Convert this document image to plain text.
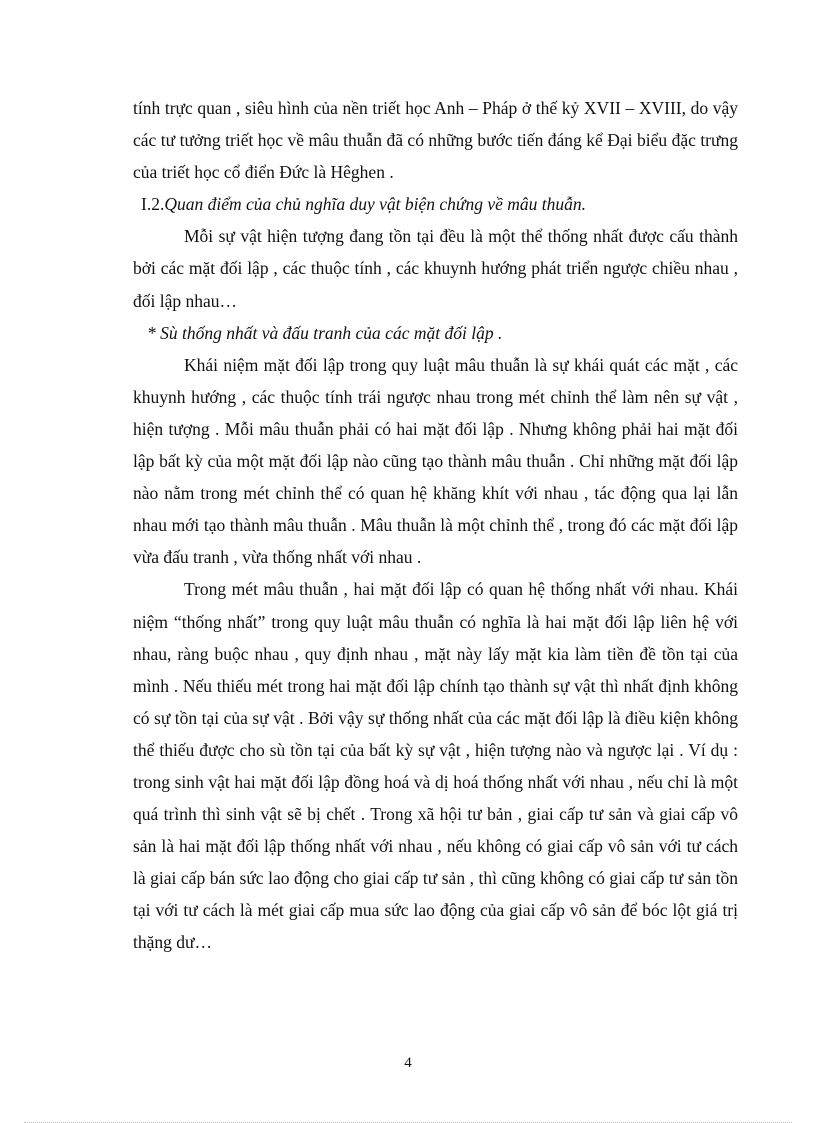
tính trực quan , siêu hình của nền triết học Anh – Pháp ở thế kỷ XVII – XVIII, do vậy các tư tưởng triết học về mâu thuẫn đã có những bước tiến đáng kể Đại biểu đặc trưng của triết học cổ điển Đức là Hêghen .

I.2.Quan điểm của chủ nghĩa duy vật biện chứng về mâu thuẫn.

Mỗi sự vật hiện tượng đang tồn tại đều là một thể thống nhất được cấu thành bởi các mặt đối lập , các thuộc tính , các khuynh hướng phát triển ngược chiều nhau , đối lập nhau…

* Sù thống nhất và đấu tranh của các mặt đối lập .

Khái niệm mặt đối lập trong quy luật mâu thuẫn là sự khái quát các mặt , các khuynh hướng , các thuộc tính trái ngược nhau trong mét chỉnh thể làm nên sự vật , hiện tượng . Mỗi mâu thuẫn phải có hai mặt đối lập . Nhưng không phải hai mặt đối lập bất kỳ của một mặt đối lập nào cũng tạo thành mâu thuẫn . Chỉ những mặt đối lập nào nằm trong mét chỉnh thể có quan hệ khăng khít với nhau , tác động qua lại lẫn nhau mới tạo thành mâu thuẫn . Mâu thuẫn là một chỉnh thể , trong đó các mặt đối lập vừa đấu tranh , vừa thống nhất với nhau .

Trong mét mâu thuẫn , hai mặt đối lập có quan hệ thống nhất với nhau. Khái niệm “thống nhất” trong quy luật mâu thuẫn có nghĩa là hai mặt đối lập liên hệ với nhau, ràng buộc nhau , quy định nhau , mặt này lấy mặt kia làm tiền đề tồn tại của mình . Nếu thiếu mét trong hai mặt đối lập chính tạo thành sự vật thì nhất định không có sự tồn tại của sự vật . Bởi vậy sự thống nhất của các mặt đối lập là điều kiện không thể thiếu được cho sù tồn tại của bất kỳ sự vật , hiện tượng nào và ngược lại . Ví dụ : trong sinh vật hai mặt đối lập đồng hoá và dị hoá thống nhất với nhau , nếu chỉ là một quá trình thì sinh vật sẽ bị chết . Trong xã hội tư bản , giai cấp tư sản và giai cấp vô sản là hai mặt đối lập thống nhất với nhau , nếu không có giai cấp vô sản với tư cách là giai cấp bán sức lao động cho giai cấp tư sản , thì cũng không có giai cấp tư sản tồn tại với tư cách là mét giai cấp mua sức lao động của giai cấp vô sản để bóc lột giá trị thặng dư…

4
